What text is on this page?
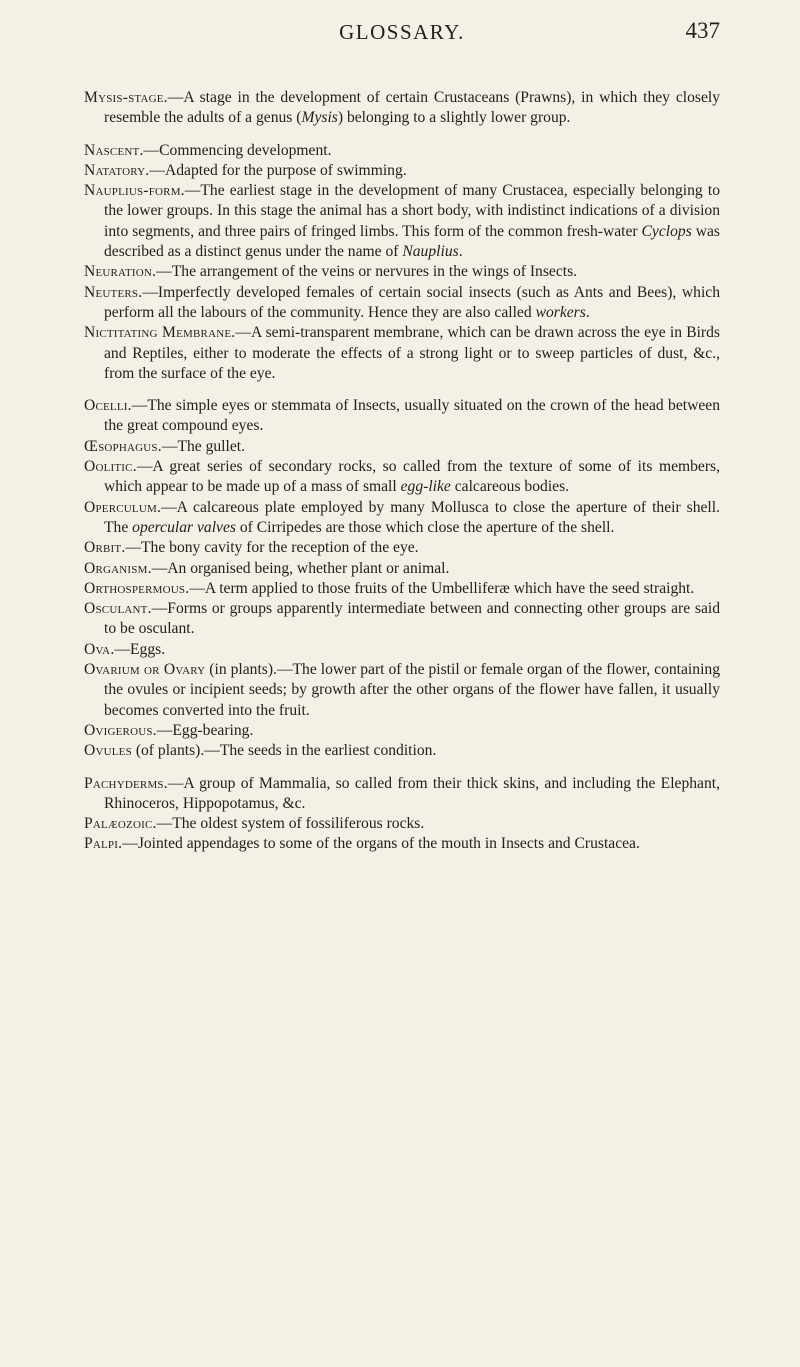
GLOSSARY.	437

Mysis-stage.—A stage in the development of certain Crustaceans (Prawns), in which they closely resemble the adults of a genus (Mysis) belonging to a slightly lower group.

Nascent.—Commencing development.

Natatory.—Adapted for the purpose of swimming.

Nauplius-form.—The earliest stage in the development of many Crustacea, especially belonging to the lower groups. In this stage the animal has a short body, with indistinct indications of a division into segments, and three pairs of fringed limbs. This form of the common fresh-water Cyclops was described as a distinct genus under the name of Nauplius.

Neuration.—The arrangement of the veins or nervures in the wings of Insects.

Neuters.—Imperfectly developed females of certain social insects (such as Ants and Bees), which perform all the labours of the community. Hence they are also called workers.

Nictitating Membrane.—A semi-transparent membrane, which can be drawn across the eye in Birds and Reptiles, either to moderate the effects of a strong light or to sweep particles of dust, &c., from the surface of the eye.

Ocelli.—The simple eyes or stemmata of Insects, usually situated on the crown of the head between the great compound eyes.

Œsophagus.—The gullet.

Oolitic.—A great series of secondary rocks, so called from the texture of some of its members, which appear to be made up of a mass of small egg-like calcareous bodies.

Operculum.—A calcareous plate employed by many Mollusca to close the aperture of their shell. The opercular valves of Cirripedes are those which close the aperture of the shell.

Orbit.—The bony cavity for the reception of the eye.

Organism.—An organised being, whether plant or animal.

Orthospermous.—A term applied to those fruits of the Umbelliferæ which have the seed straight.

Osculant.—Forms or groups apparently intermediate between and connecting other groups are said to be osculant.

Ova.—Eggs.

Ovarium or Ovary (in plants).—The lower part of the pistil or female organ of the flower, containing the ovules or incipient seeds; by growth after the other organs of the flower have fallen, it usually becomes converted into the fruit.

Ovigerous.—Egg-bearing.

Ovules (of plants).—The seeds in the earliest condition.

Pachyderms.—A group of Mammalia, so called from their thick skins, and including the Elephant, Rhinoceros, Hippopotamus, &c.

Palæozoic.—The oldest system of fossiliferous rocks.

Palpi.—Jointed appendages to some of the organs of the mouth in Insects and Crustacea.
